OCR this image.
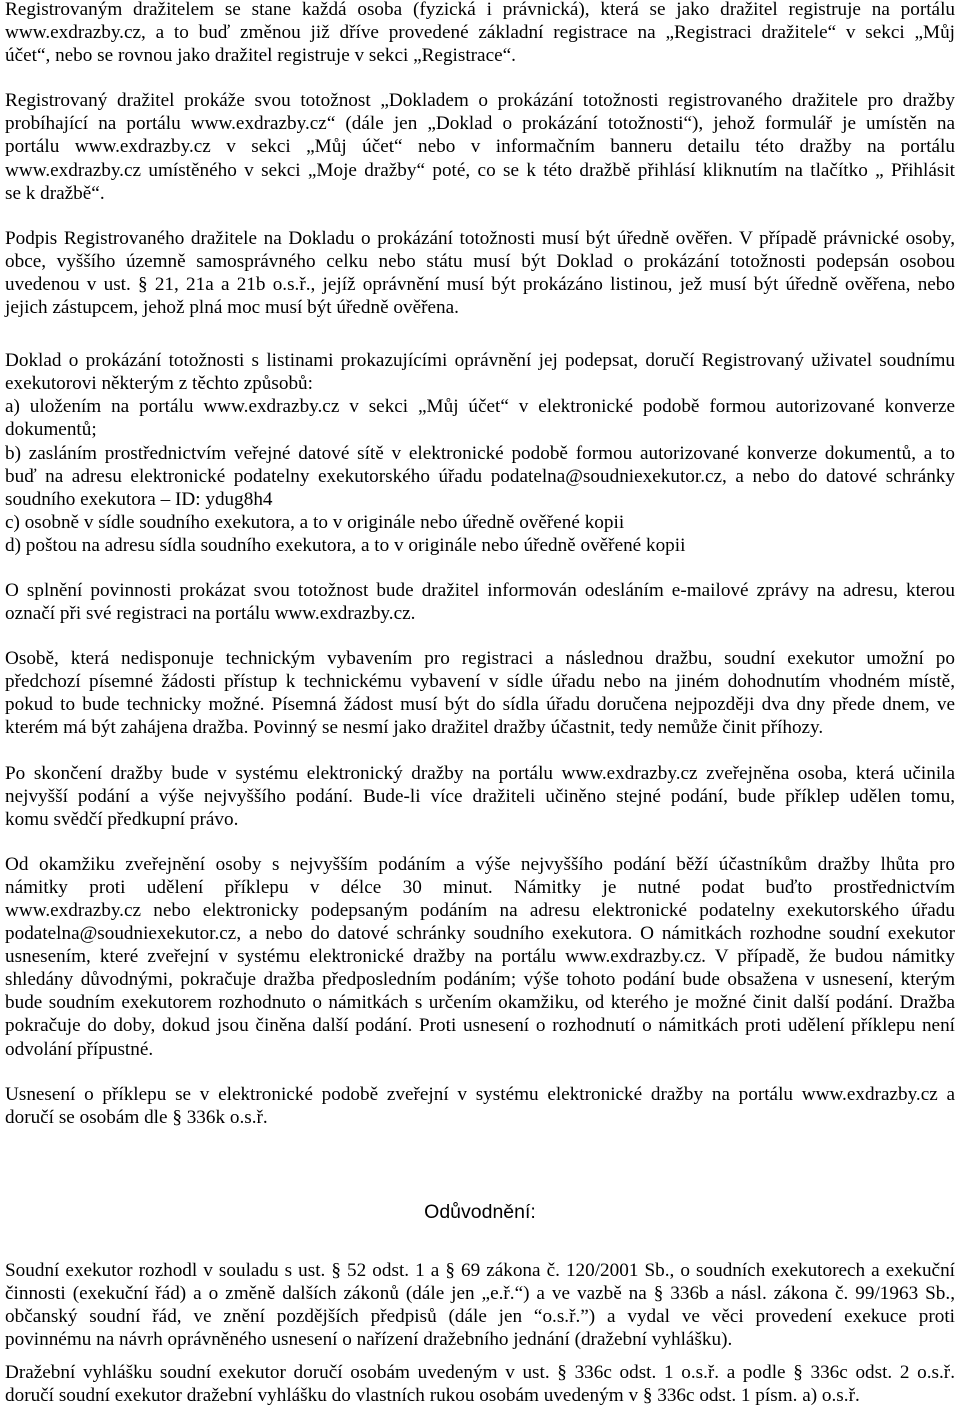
Registrovaným dražitelem se stane každá osoba (fyzická i právnická), která se jako dražitel registruje na portálu
www.exdrazby.cz, a to buď změnou již dříve provedené základní registrace na „Registraci dražitele“ v sekci „Můj
účet“, nebo se rovnou jako dražitel registruje v sekci „Registrace“.
Registrovaný dražitel prokáže svou totožnost „Dokladem o prokázání totožnosti registrovaného dražitele pro dražby
probíhající na portálu www.exdrazby.cz“ (dále jen „Doklad o prokázání totožnosti“), jehož formulář je umístěn na
portálu www.exdrazby.cz v sekci „Můj účet“ nebo v informačním banneru detailu této dražby na portálu
www.exdrazby.cz umístěného v sekci „Moje dražby“ poté, co se k této dražbě přihlásí kliknutím na tlačítko „ Přihlásit
se k dražbě“.
Podpis Registrovaného dražitele na Dokladu o prokázání totožnosti musí být úředně ověřen. V případě právnické osoby,
obce, vyššího územně samosprávného celku nebo státu musí být Doklad o prokázání totožnosti podepsán osobou
uvedenou v ust. § 21, 21a a 21b o.s.ř., jejíž oprávnění musí být prokázáno listinou, jež musí být úředně ověřena, nebo
jejich zástupcem, jehož plná moc musí být úředně ověřena.
Doklad o prokázání totožnosti s listinami prokazujícími oprávnění jej podepsat, doručí Registrovaný uživatel soudnímu
exekutorovi některým z těchto způsobů:
a) uložením na portálu www.exdrazby.cz v sekci „Můj účet“ v elektronické podobě formou autorizované konverze
dokumentů;
b) zasláním prostřednictvím veřejné datové sítě v elektronické podobě formou autorizované konverze dokumentů, a to
buď na adresu elektronické podatelny exekutorského úřadu podatelna@soudniexekutor.cz, a nebo do datové schránky
soudního exekutora – ID: ydug8h4
c) osobně v sídle soudního exekutora, a to v originále nebo úředně ověřené kopii
d) poštou na adresu sídla soudního exekutora, a to v originále nebo úředně ověřené kopii
O splnění povinnosti prokázat svou totožnost bude dražitel informován odesláním e-mailové zprávy na adresu, kterou
označí při své registraci na portálu www.exdrazby.cz.
Osobě, která nedisponuje technickým vybavením pro registraci a následnou dražbu, soudní exekutor umožní po
předchozí písemné žádosti přístup k technickému vybavení v sídle úřadu nebo na jiném dohodnutím vhodném místě,
pokud to bude technicky možné. Písemná žádost musí být do sídla úřadu doručena nejpozději dva dny přede dnem, ve
kterém má být zahájena dražba. Povinný se nesmí jako dražitel dražby účastnit, tedy nemůže činit příhozy.
Po skončení dražby bude v systému elektronický dražby na portálu www.exdrazby.cz zveřejněna osoba, která učinila
nejvyšší podání a výše nejvyššího podání. Bude-li více dražiteli učiněno stejné podání, bude příklep udělen tomu,
komu svědčí předkupní právo.
Od okamžiku zveřejnění osoby s nejvyšším podáním a výše nejvyššího podání běží účastníkům dražby lhůta pro
námitky proti udělení příklepu v délce 30 minut. Námitky je nutné podat buďto prostřednictvím
www.exdrazby.cz nebo elektronicky podepsaným podáním na adresu elektronické podatelny exekutorského úřadu
podatelna@soudniexekutor.cz, a nebo do datové schránky soudního exekutora. O námitkách rozhodne soudní exekutor
usnesením, které zveřejní v systému elektronické dražby na portálu www.exdrazby.cz. V případě, že budou námitky
shledány důvodnými, pokračuje dražba předposledním podáním; výše tohoto podání bude obsažena v usnesení, kterým
bude soudním exekutorem rozhodnuto o námitkách s určením okamžiku, od kterého je možné činit další podání. Dražba
pokračuje do doby, dokud jsou činěna další podání. Proti usnesení o rozhodnutí o námitkách proti udělení příklepu není
odvolání přípustné.
Usnesení o příklepu se v elektronické podobě zveřejní v systému elektronické dražby na portálu www.exdrazby.cz a
doručí se osobám dle § 336k o.s.ř.
Odůvodnění:
Soudní exekutor rozhodl v souladu s ust. § 52 odst. 1 a § 69 zákona č. 120/2001 Sb., o soudních exekutorech a exekuční
činnosti (exekuční řád) a o změně dalších zákonů (dále jen „e.ř.“) a ve vazbě na § 336b a násl. zákona č. 99/1963 Sb.,
občanský soudní řád, ve znění pozdějších předpisů (dále jen “o.s.ř.”) a vydal ve věci provedení exekuce proti
povinnému na návrh oprávněného usnesení o nařízení dražebního jednání (dražební vyhlášku).
Dražební vyhlášku soudní exekutor doručí osobám uvedeným v ust. § 336c odst. 1 o.s.ř. a podle § 336c odst. 2 o.s.ř.
doručí soudní exekutor dražební vyhlášku do vlastních rukou osobám uvedeným v § 336c odst. 1 písm. a) o.s.ř.
